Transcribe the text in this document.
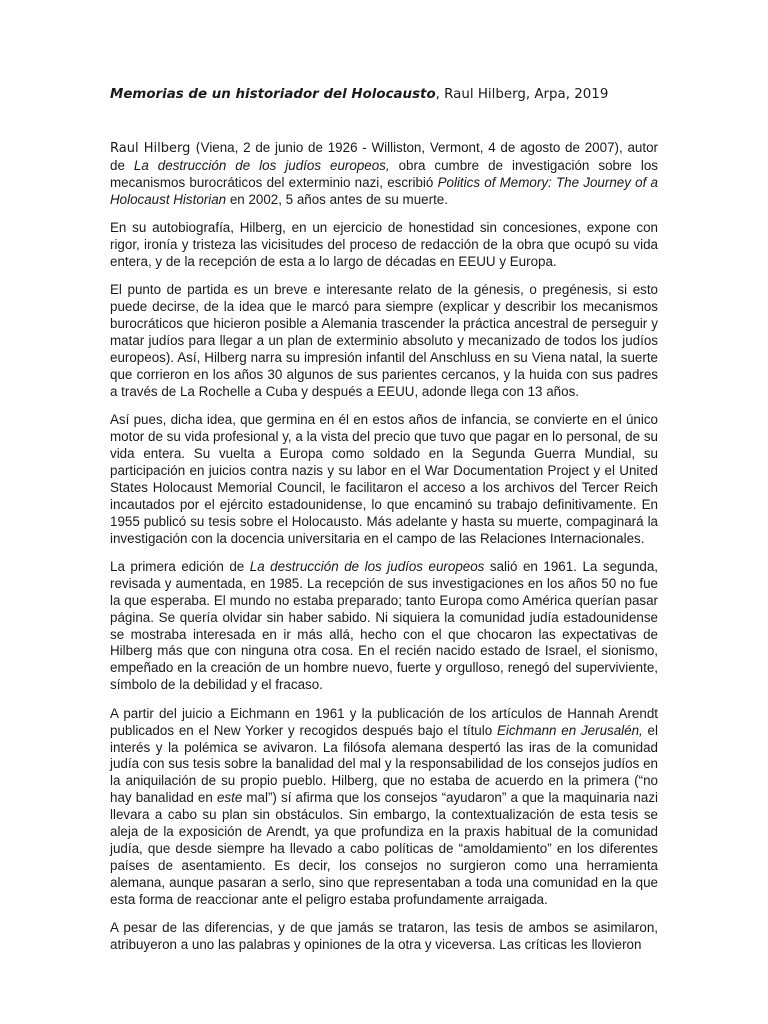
Memorias de un historiador del Holocausto, Raul Hilberg, Arpa, 2019

Raul Hilberg (Viena, 2 de junio de 1926 - Williston, Vermont, 4 de agosto de 2007), autor de La destrucción de los judíos europeos, obra cumbre de investigación sobre los mecanismos burocráticos del exterminio nazi, escribió Politics of Memory: The Journey of a Holocaust Historian en 2002, 5 años antes de su muerte.

En su autobiografía, Hilberg, en un ejercicio de honestidad sin concesiones, expone con rigor, ironía y tristeza las vicisitudes del proceso de redacción de la obra que ocupó su vida entera, y de la recepción de esta a lo largo de décadas en EEUU y Europa.

El punto de partida es un breve e interesante relato de la génesis, o pregénesis, si esto puede decirse, de la idea que le marcó para siempre (explicar y describir los mecanismos burocráticos que hicieron posible a Alemania trascender la práctica ancestral de perseguir y matar judíos para llegar a un plan de exterminio absoluto y mecanizado de todos los judíos europeos). Así, Hilberg narra su impresión infantil del Anschluss en su Viena natal, la suerte que corrieron en los años 30 algunos de sus parientes cercanos, y la huida con sus padres a través de La Rochelle a Cuba y después a EEUU, adonde llega con 13 años.

Así pues, dicha idea, que germina en él en estos años de infancia, se convierte en el único motor de su vida profesional y, a la vista del precio que tuvo que pagar en lo personal, de su vida entera. Su vuelta a Europa como soldado en la Segunda Guerra Mundial, su participación en juicios contra nazis y su labor en el War Documentation Project y el United States Holocaust Memorial Council, le facilitaron el acceso a los archivos del Tercer Reich incautados por el ejército estadounidense, lo que encaminó su trabajo definitivamente. En 1955 publicó su tesis sobre el Holocausto. Más adelante y hasta su muerte, compaginará la investigación con la docencia universitaria en el campo de las Relaciones Internacionales.

La primera edición de La destrucción de los judíos europeos salió en 1961. La segunda, revisada y aumentada, en 1985. La recepción de sus investigaciones en los años 50 no fue la que esperaba. El mundo no estaba preparado; tanto Europa como América querían pasar página. Se quería olvidar sin haber sabido. Ni siquiera la comunidad judía estadounidense se mostraba interesada en ir más allá, hecho con el que chocaron las expectativas de Hilberg más que con ninguna otra cosa. En el recién nacido estado de Israel, el sionismo, empeñado en la creación de un hombre nuevo, fuerte y orgulloso, renegó del superviviente, símbolo de la debilidad y el fracaso.

A partir del juicio a Eichmann en 1961 y la publicación de los artículos de Hannah Arendt publicados en el New Yorker y recogidos después bajo el título Eichmann en Jerusalén, el interés y la polémica se avivaron. La filósofa alemana despertó las iras de la comunidad judía con sus tesis sobre la banalidad del mal y la responsabilidad de los consejos judíos en la aniquilación de su propio pueblo. Hilberg, que no estaba de acuerdo en la primera (“no hay banalidad en este mal”) sí afirma que los consejos “ayudaron” a que la maquinaria nazi llevara a cabo su plan sin obstáculos. Sin embargo, la contextualización de esta tesis se aleja de la exposición de Arendt, ya que profundiza en la praxis habitual de la comunidad judía, que desde siempre ha llevado a cabo políticas de “amoldamiento” en los diferentes países de asentamiento. Es decir, los consejos no surgieron como una herramienta alemana, aunque pasaran a serlo, sino que representaban a toda una comunidad en la que esta forma de reaccionar ante el peligro estaba profundamente arraigada.

A pesar de las diferencias, y de que jamás se trataron, las tesis de ambos se asimilaron, atribuyeron a uno las palabras y opiniones de la otra y viceversa. Las críticas les llovieron
